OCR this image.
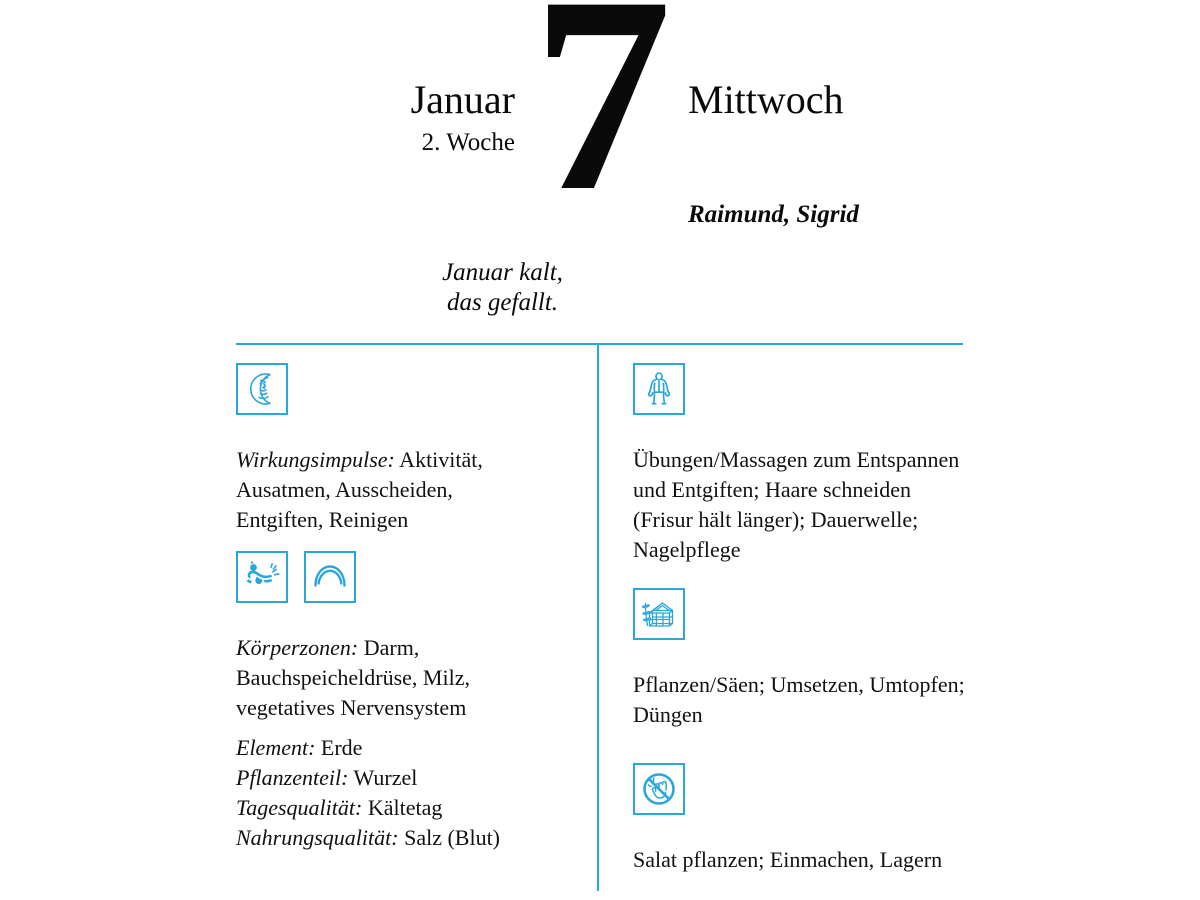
7
Januar
2. Woche
Mittwoch
Raimund, Sigrid
Januar kalt,
das gefallt.
Wirkungsimpulse: Aktivität, Ausatmen, Ausscheiden, Entgiften, Reinigen
Körperzonen: Darm, Bauchspeicheldrüse, Milz, vegetatives Nervensystem
Element: Erde
Pflanzenteil: Wurzel
Tagesqualität: Kältetag
Nahrungsqualität: Salz (Blut)
Übungen/Massagen zum Entspannen und Entgiften; Haare schneiden (Frisur hält länger); Dauerwelle; Nagelpflege
Pflanzen/Säen; Umsetzen, Umtopfen; Düngen
Salat pflanzen; Einmachen, Lagern
